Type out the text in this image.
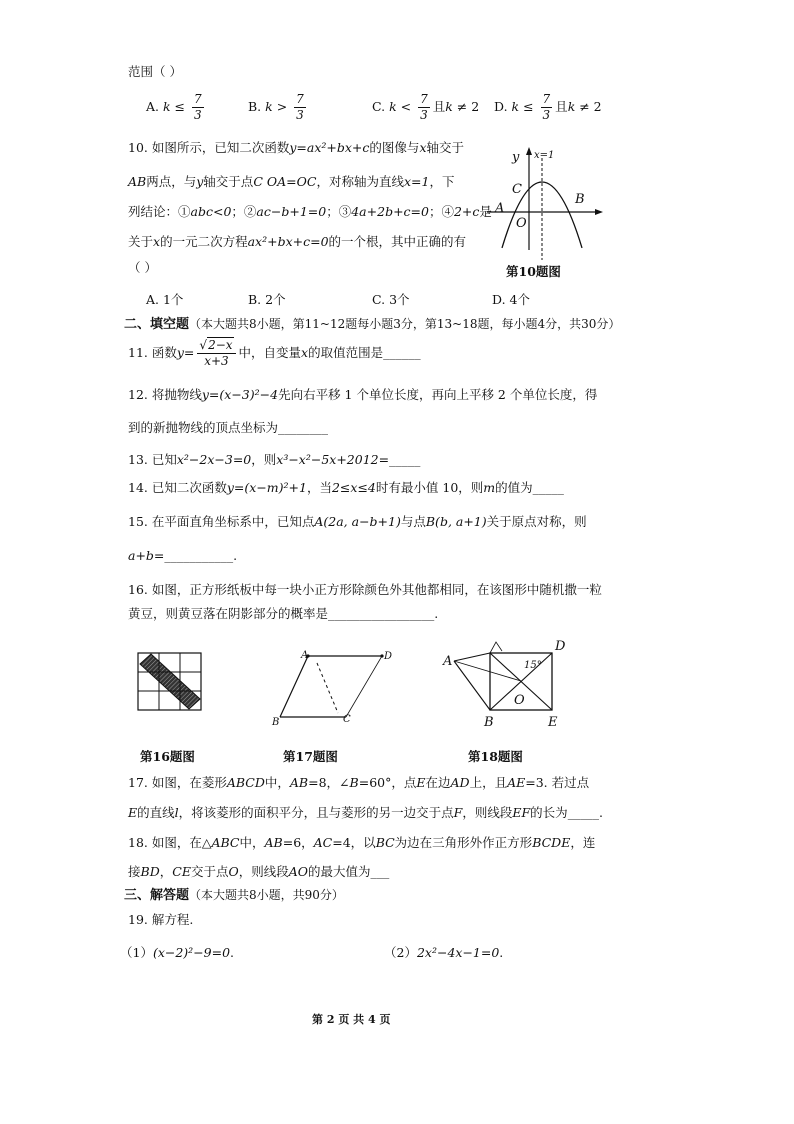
范围（ ）
A. $k \le \frac{7}{3}$	B. $k > \frac{7}{3}$	C. $k < \frac{7}{3}$ 且k ≠ 2 D. $k \le \frac{7}{3}$ 且k ≠ 2
10. 如图所示，已知二次函数y=ax²+bx+c的图像与x轴交于
AB两点，与y轴交于点C OA=OC，对称轴为直线x=1，下
列结论：①abc<0；②ac−b+1=0；③4a+2b+c=0；④2+c是
关于x的一元二次方程ax²+bx+c=0的一个根，其中正确的有
（ ）
A. 1个	B. 2个	C. 3个	D. 4个
y x=1
C
A
O
B
第10题图
二、填空题（本大题共8小题，第11~12题每小题3分，第13~18题，每小题4分，共30分）
11. 函数$y= \frac{√2-x}{x+3}$ 中，自变量x的取值范围是______
12. 将抛物线y=(x−3)²−4先向右平移 1 个单位长度，再向上平移 2 个单位长度，得
到的新抛物线的顶点坐标为________
13. 已知x²−2x−3=0，则x³−x²−5x+2012=_____
14. 已知二次函数y=(x−m)²+1，当2≤x≤4时有最小值 10，则m的值为_____
15. 在平面直角坐标系中，已知点A(2a, a−b+1)与点B(b, a+1)关于原点对称，则
a+b=___________.
16. 如图，正方形纸板中每一块小正方形除颜色外其他都相同，在该图形中随机撒一粒
黄豆，则黄豆落在阴影部分的概率是_________________.
第16题图
A	D
B	C
第17题图
A
D
O
B	E
15°
第18题图
17. 如图，在菱形ABCD中，AB=8，∠B=60°，点E在边AD上，且AE=3. 若过点
E的直线l，将该菱形的面积平分，且与菱形的另一边交于点F，则线段EF的长为_____.
18. 如图，在△ABC中，AB=6，AC=4，以BC为边在三角形外作正方形BCDE，连
接BD，CE交于点O，则线段AO的最大值为___
三、解答题（本大题共8小题，共90分）
19. 解方程.
（1）(x−2)²−9=0.	（2）2x²−4x−1=0.
第 2 页 共 4 页
